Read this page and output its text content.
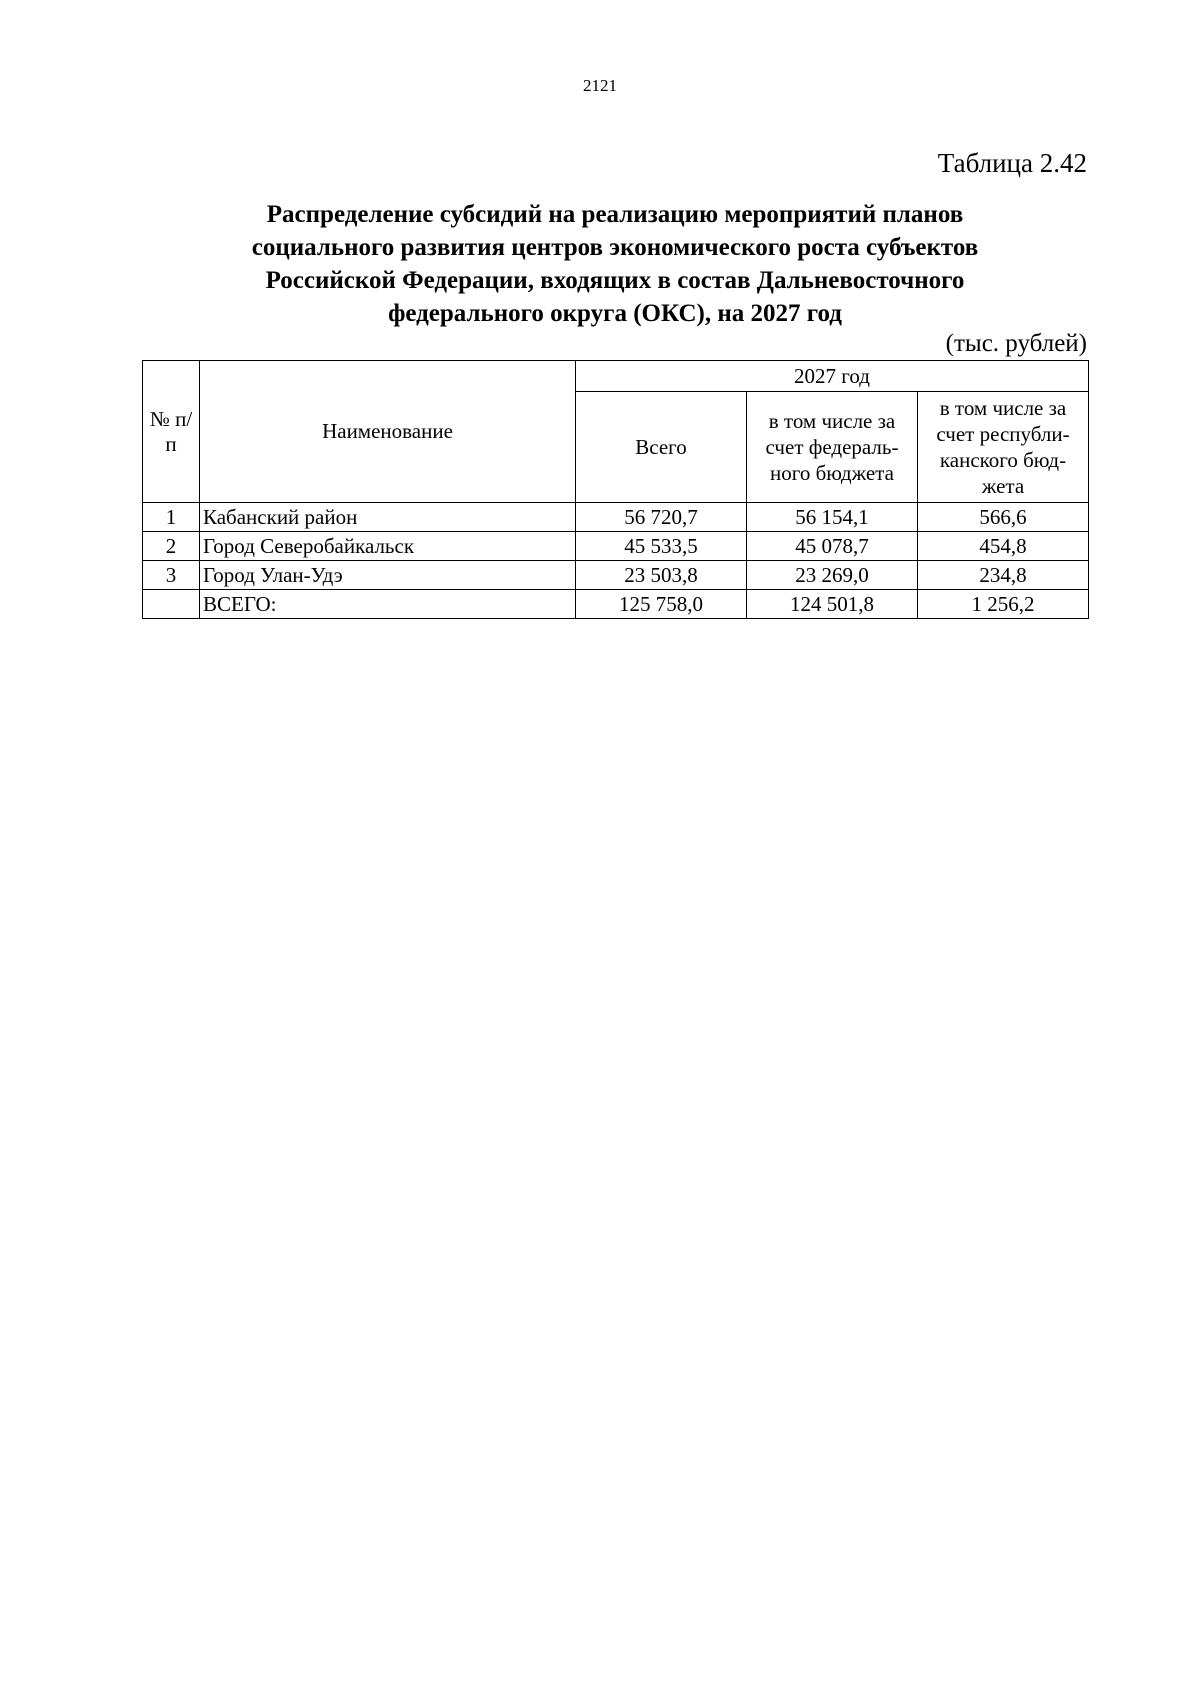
2121
Таблица 2.42
Распределение субсидий на реализацию мероприятий планов
социального развития центров экономического роста субъектов
Российской Федерации, входящих в состав Дальневосточного
федерального округа (ОКС), на 2027 год
(тыс. рублей)
№ п/п	Наименование	2027 год		
		Всего	в том числе за счет федераль-ного бюджета	в том числе за счет республи-канского бюд-жета
1	Кабанский район	56 720,7	56 154,1	566,6
2	Город Северобайкальск	45 533,5	45 078,7	454,8
3	Город Улан-Удэ	23 503,8	23 269,0	234,8
	ВСЕГО:	125 758,0	124 501,8	1 256,2
